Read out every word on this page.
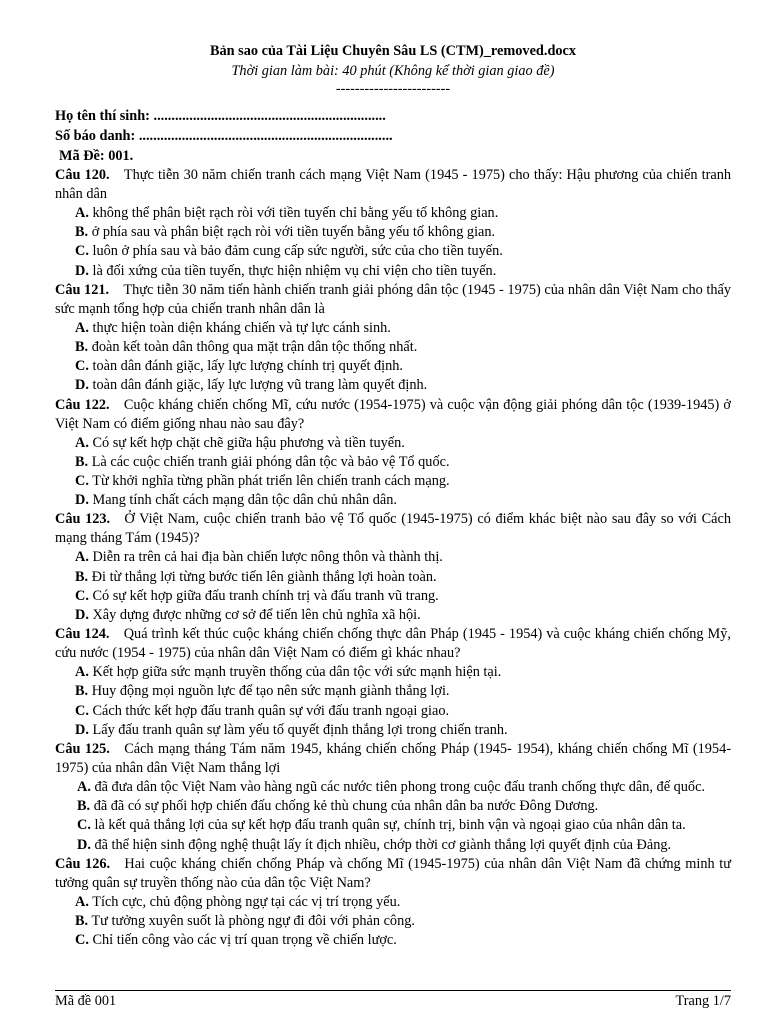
Bản sao của Tài Liệu Chuyên Sâu LS (CTM)_removed.docx
Thời gian làm bài: 40 phút (Không kể thời gian giao đề)
------------------------
Họ tên thí sinh: .................................................................
Số báo danh: .......................................................................
Mã Đề: 001.
Câu 120.  Thực tiễn 30 năm chiến tranh cách mạng Việt Nam (1945 - 1975) cho thấy: Hậu phương của chiến tranh nhân dân
A. không thể phân biệt rạch ròi với tiền tuyến chỉ bằng yếu tố không gian.
B. ở phía sau và phân biệt rạch ròi với tiền tuyến bằng yếu tố không gian.
C. luôn ở phía sau và bảo đảm cung cấp sức người, sức của cho tiền tuyến.
D. là đối xứng của tiền tuyến, thực hiện nhiệm vụ chi viện cho tiền tuyến.
Câu 121.  Thực tiễn 30 năm tiến hành chiến tranh giải phóng dân tộc (1945 - 1975) của nhân dân Việt Nam cho thấy sức mạnh tổng hợp của chiến tranh nhân dân là
A. thực hiện toàn diện kháng chiến và tự lực cánh sinh.
B. đoàn kết toàn dân thông qua mặt trận dân tộc thống nhất.
C. toàn dân đánh giặc, lấy lực lượng chính trị quyết định.
D. toàn dân đánh giặc, lấy lực lượng vũ trang làm quyết định.
Câu 122.  Cuộc kháng chiến chống Mĩ, cứu nước (1954-1975) và cuộc vận động giải phóng dân tộc (1939-1945) ở Việt Nam có điểm giống nhau nào sau đây?
A. Có sự kết hợp chặt chẽ giữa hậu phương và tiền tuyến.
B. Là các cuộc chiến tranh giải phóng dân tộc và bảo vệ Tổ quốc.
C. Từ khởi nghĩa từng phần phát triển lên chiến tranh cách mạng.
D. Mang tính chất cách mạng dân tộc dân chủ nhân dân.
Câu 123.  Ở Việt Nam, cuộc chiến tranh bảo vệ Tổ quốc (1945-1975) có điểm khác biệt nào sau đây so với Cách mạng tháng Tám (1945)?
A. Diễn ra trên cả hai địa bàn chiến lược nông thôn và thành thị.
B. Đi từ thắng lợi từng bước tiến lên giành thắng lợi hoàn toàn.
C. Có sự kết hợp giữa đấu tranh chính trị và đấu tranh vũ trang.
D. Xây dựng được những cơ sở để tiến lên chủ nghĩa xã hội.
Câu 124.  Quá trình kết thúc cuộc kháng chiến chống thực dân Pháp (1945 - 1954) và cuộc kháng chiến chống Mỹ, cứu nước (1954 - 1975) của nhân dân Việt Nam có điểm gì khác nhau?
A. Kết hợp giữa sức mạnh truyền thống của dân tộc với sức mạnh hiện tại.
B. Huy động mọi nguồn lực để tạo nên sức mạnh giành thắng lợi.
C. Cách thức kết hợp đấu tranh quân sự với đấu tranh ngoại giao.
D. Lấy đấu tranh quân sự làm yếu tố quyết định thắng lợi trong chiến tranh.
Câu 125.  Cách mạng tháng Tám năm 1945, kháng chiến chống Pháp (1945- 1954), kháng chiến chống Mĩ (1954-1975) của nhân dân Việt Nam thắng lợi
A. đã đưa dân tộc Việt Nam vào hàng ngũ các nước tiên phong trong cuộc đấu tranh chống thực dân, đế quốc.
B. đã đã có sự phối hợp chiến đấu chống kẻ thù chung của nhân dân ba nước Đông Dương.
C. là kết quả thắng lợi của sự kết hợp đấu tranh quân sự, chính trị, binh vận và ngoại giao của nhân dân ta.
D. đã thể hiện sinh động nghệ thuật lấy ít địch nhiều, chớp thời cơ giành thắng lợi quyết định của Đảng.
Câu 126.  Hai cuộc kháng chiến chống Pháp và chống Mĩ (1945-1975) của nhân dân Việt Nam đã chứng minh tư tưởng quân sự truyền thống nào của dân tộc Việt Nam?
A. Tích cực, chủ động phòng ngự tại các vị trí trọng yếu.
B. Tư tưởng xuyên suốt là phòng ngự đi đôi với phản công.
C. Chỉ tiến công vào các vị trí quan trọng về chiến lược.
Mã đề 001	Trang 1/7
